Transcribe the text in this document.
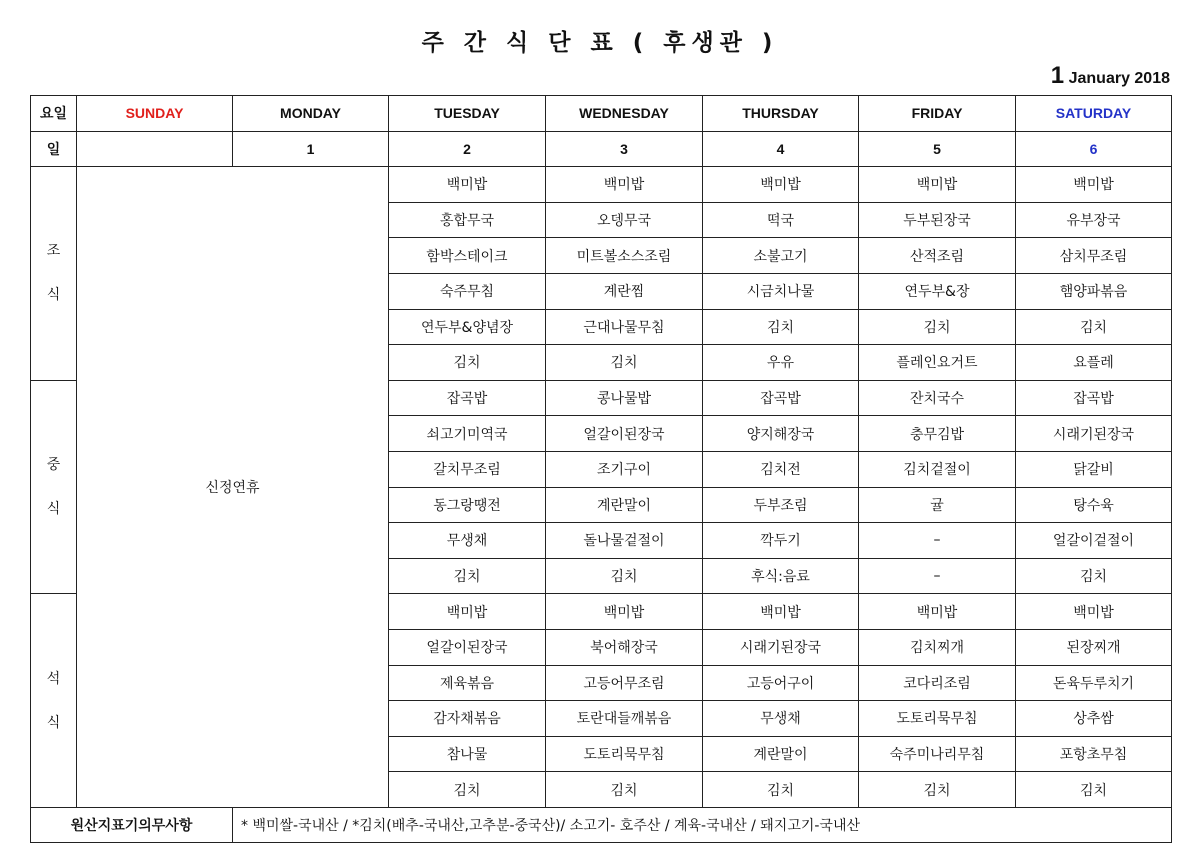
주 간 식 단 표 ( 후생관 )
1 January 2018
요일	SUNDAY	MONDAY	TUESDAY	WEDNESDAY	THURSDAY	FRIDAY	SATURDAY
일		1	2	3	4	5	6

조
식	신정연휴		백미밥	백미밥	백미밥	백미밥	백미밥
			홍합무국	오뎅무국	떡국	두부된장국	유부장국
			함박스테이크	미트볼소스조림	소불고기	산적조림	삼치무조림
			숙주무침	계란찜	시금치나물	연두부&장	햄양파볶음
			연두부&양념장	근대나물무침	김치	김치	김치
			김치	김치	우유	플레인요거트	요플레

중
식			잡곡밥	콩나물밥	잡곡밥	잔치국수	잡곡밥
			쇠고기미역국	얼갈이된장국	양지해장국	충무김밥	시래기된장국
			갈치무조림	조기구이	김치전	김치겉절이	닭갈비
			동그랑땡전	계란말이	두부조림	귤	탕수육
			무생채	돌나물겉절이	깍두기	–	얼갈이겉절이
			김치	김치	후식:음료	–	김치

석
식			백미밥	백미밥	백미밥	백미밥	백미밥
			얼갈이된장국	북어해장국	시래기된장국	김치찌개	된장찌개
			제육볶음	고등어무조림	고등어구이	코다리조림	돈육두루치기
			감자채볶음	토란대들깨볶음	무생채	도토리묵무침	상추쌈
			참나물	도토리묵무침	계란말이	숙주미나리무침	포항초무침
			김치	김치	김치	김치	김치
원산지표기의무사항		* 백미쌀-국내산 / *김치(배추-국내산,고추분-중국산)/ 소고기- 호주산 / 계육-국내산 / 돼지고기-국내산					
